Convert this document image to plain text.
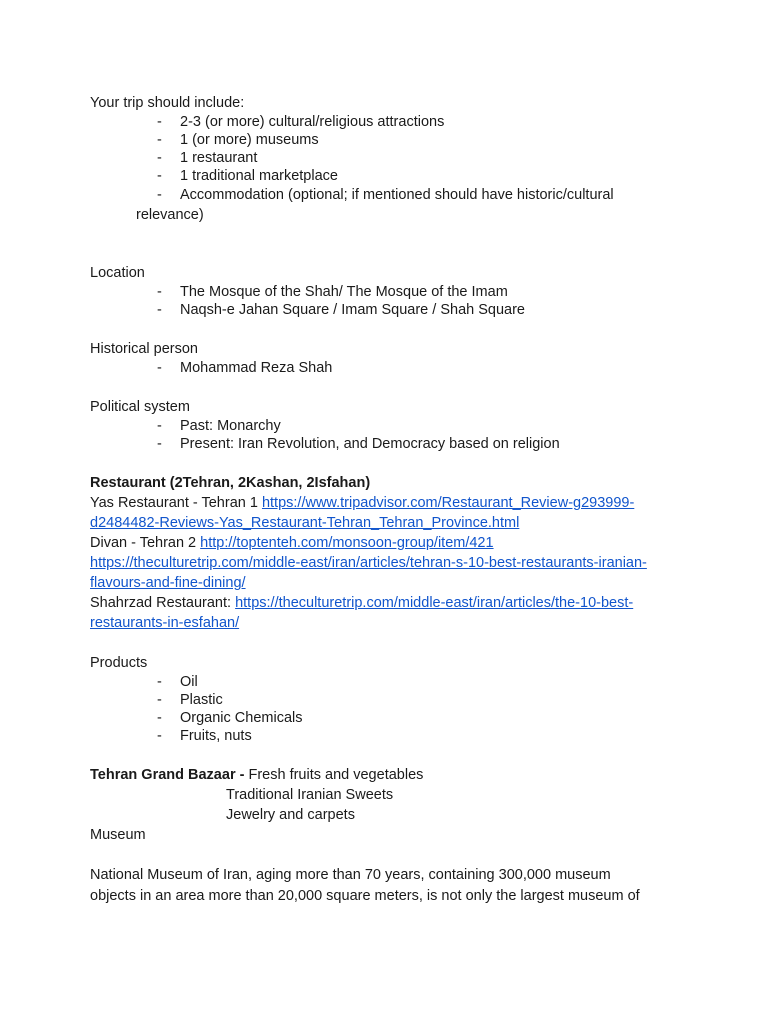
Your trip should include:

- 2-3 (or more) cultural/religious attractions
- 1 (or more) museums
- 1 restaurant
- 1 traditional marketplace
- Accommodation (optional; if mentioned should have historic/cultural
relevance)

Location

- The Mosque of the Shah/ The Mosque of the Imam
- Naqsh-e Jahan Square / Imam Square / Shah Square

Historical person

- Mohammad Reza Shah

Political system

- Past: Monarchy
- Present: Iran Revolution, and Democracy based on religion

Restaurant (2Tehran, 2Kashan, 2Isfahan)

Yas Restaurant - Tehran 1 https://www.tripadvisor.com/Restaurant_Review-g293999-
d2484482-Reviews-Yas_Restaurant-Tehran_Tehran_Province.html

Divan - Tehran 2 http://toptenteh.com/monsoon-group/item/421

https://theculturetrip.com/middle-east/iran/articles/tehran-s-10-best-restaurants-iranian-
flavours-and-fine-dining/

Shahrzad Restaurant: https://theculturetrip.com/middle-east/iran/articles/the-10-best-
restaurants-in-esfahan/

Products

- Oil
- Plastic
- Organic Chemicals
- Fruits, nuts

Tehran Grand Bazaar - Fresh fruits and vegetables

Traditional Iranian Sweets

Jewelry and carpets

Museum

National Museum of Iran, aging more than 70 years, containing 300,000 museum
objects in an area more than 20,000 square meters, is not only the largest museum of
